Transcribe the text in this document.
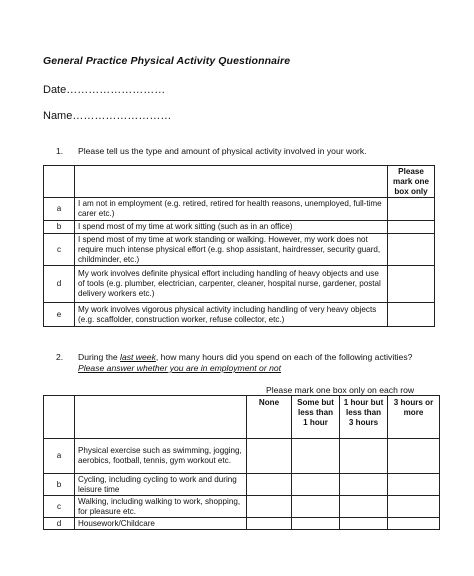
General Practice Physical Activity Questionnaire
Date………………………
Name………………………
1. Please tell us the type and amount of physical activity involved in your work.
		Please mark one box only
a	I am not in employment (e.g. retired, retired for health reasons, unemployed, full-time carer etc.)	
b	I spend most of my time at work sitting (such as in an office)	
c	I spend most of my time at work standing or walking. However, my work does not require much intense physical effort (e.g. shop assistant, hairdresser, security guard, childminder, etc.)	
d	My work involves definite physical effort including handling of heavy objects and use of tools (e.g. plumber, electrician, carpenter, cleaner, hospital nurse, gardener, postal delivery workers etc.)	
e	My work involves vigorous physical activity including handling of very heavy objects (e.g. scaffolder, construction worker, refuse collector, etc.)	
2. During the last week, how many hours did you spend on each of the following activities?
Please answer whether you are in employment or not
Please mark one box only on each row
		None	Some but less than 1 hour	1 hour but less than 3 hours	3 hours or more
a	Physical exercise such as swimming, jogging, aerobics, football, tennis, gym workout etc.				
b	Cycling, including cycling to work and during leisure time				
c	Walking, including walking to work, shopping, for pleasure etc.				
d	Housework/Childcare				
